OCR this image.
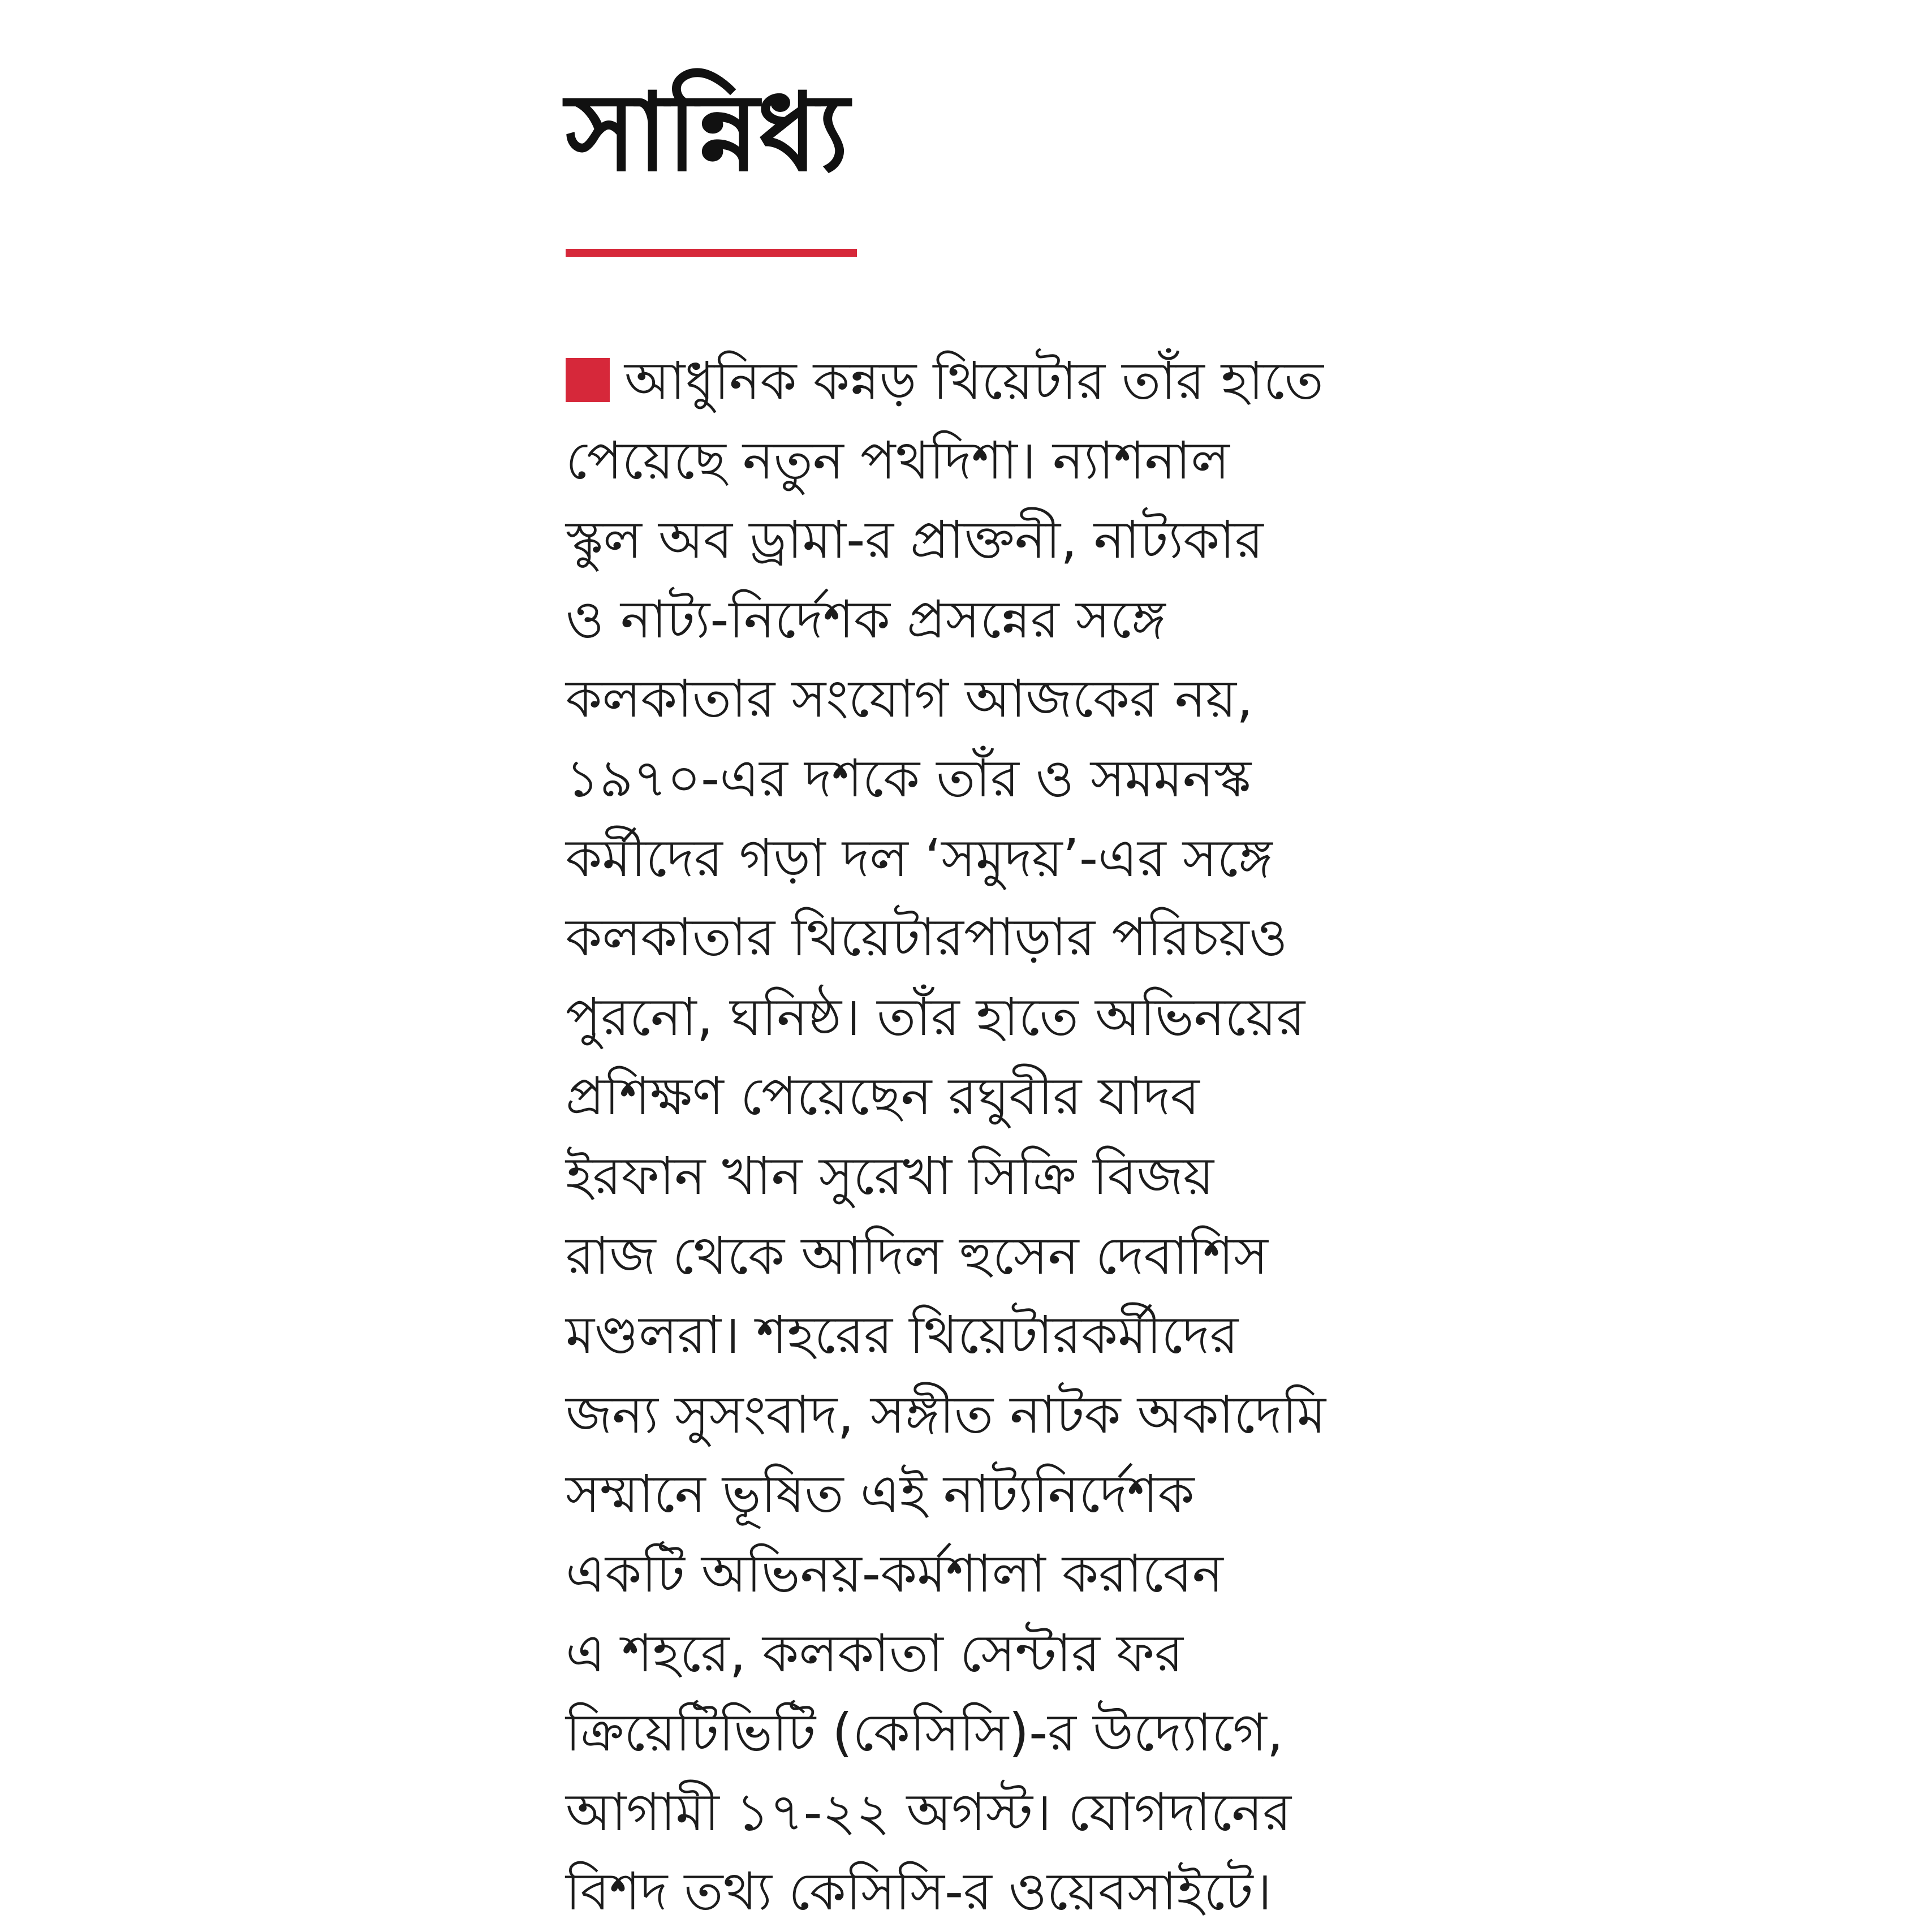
সান্নিধ্য
আধুনিক কন্নড় থিয়েটার তাঁর হাতে
পেয়েছে নতুন পথদিশা। ন্যাশনাল
স্কুল অব ড্রামা-র প্রাক্তনী, নাট্যকার
ও নাট্য-নির্দেশক প্রসন্নের সঙ্গে
কলকাতার সংযোগ আজকের নয়,
১৯৭০-এর দশকে তাঁর ও সমমনস্ক
কর্মীদের গড়া দল ‘সমুদয়’-এর সঙ্গে
কলকাতার থিয়েটারপাড়ার পরিচয়ও
পুরনো, ঘনিষ্ঠ। তাঁর হাতে অভিনয়ের
প্রশিক্ষণ পেয়েছেন রঘুবীর যাদব
ইরফান খান সুরেখা সিক্রি বিজয়
রাজ থেকে আদিল হুসেন দেবাশিস
মণ্ডলরা। শহরের থিয়েটারকর্মীদের
জন্য সুসংবাদ, সঙ্গীত নাটক অকাদেমি
সম্মানে ভূষিত এই নাট্যনির্দেশক
একটি অভিনয়-কর্মশালা করাবেন
এ শহরে, কলকাতা সেন্টার ফর
ক্রিয়েটিভিটি (কেসিসি)-র উদ্যোগে,
আগামী ১৭-২২ অগস্ট। যোগদানের
বিশদ তথ্য কেসিসি-র ওয়েবসাইটে।
